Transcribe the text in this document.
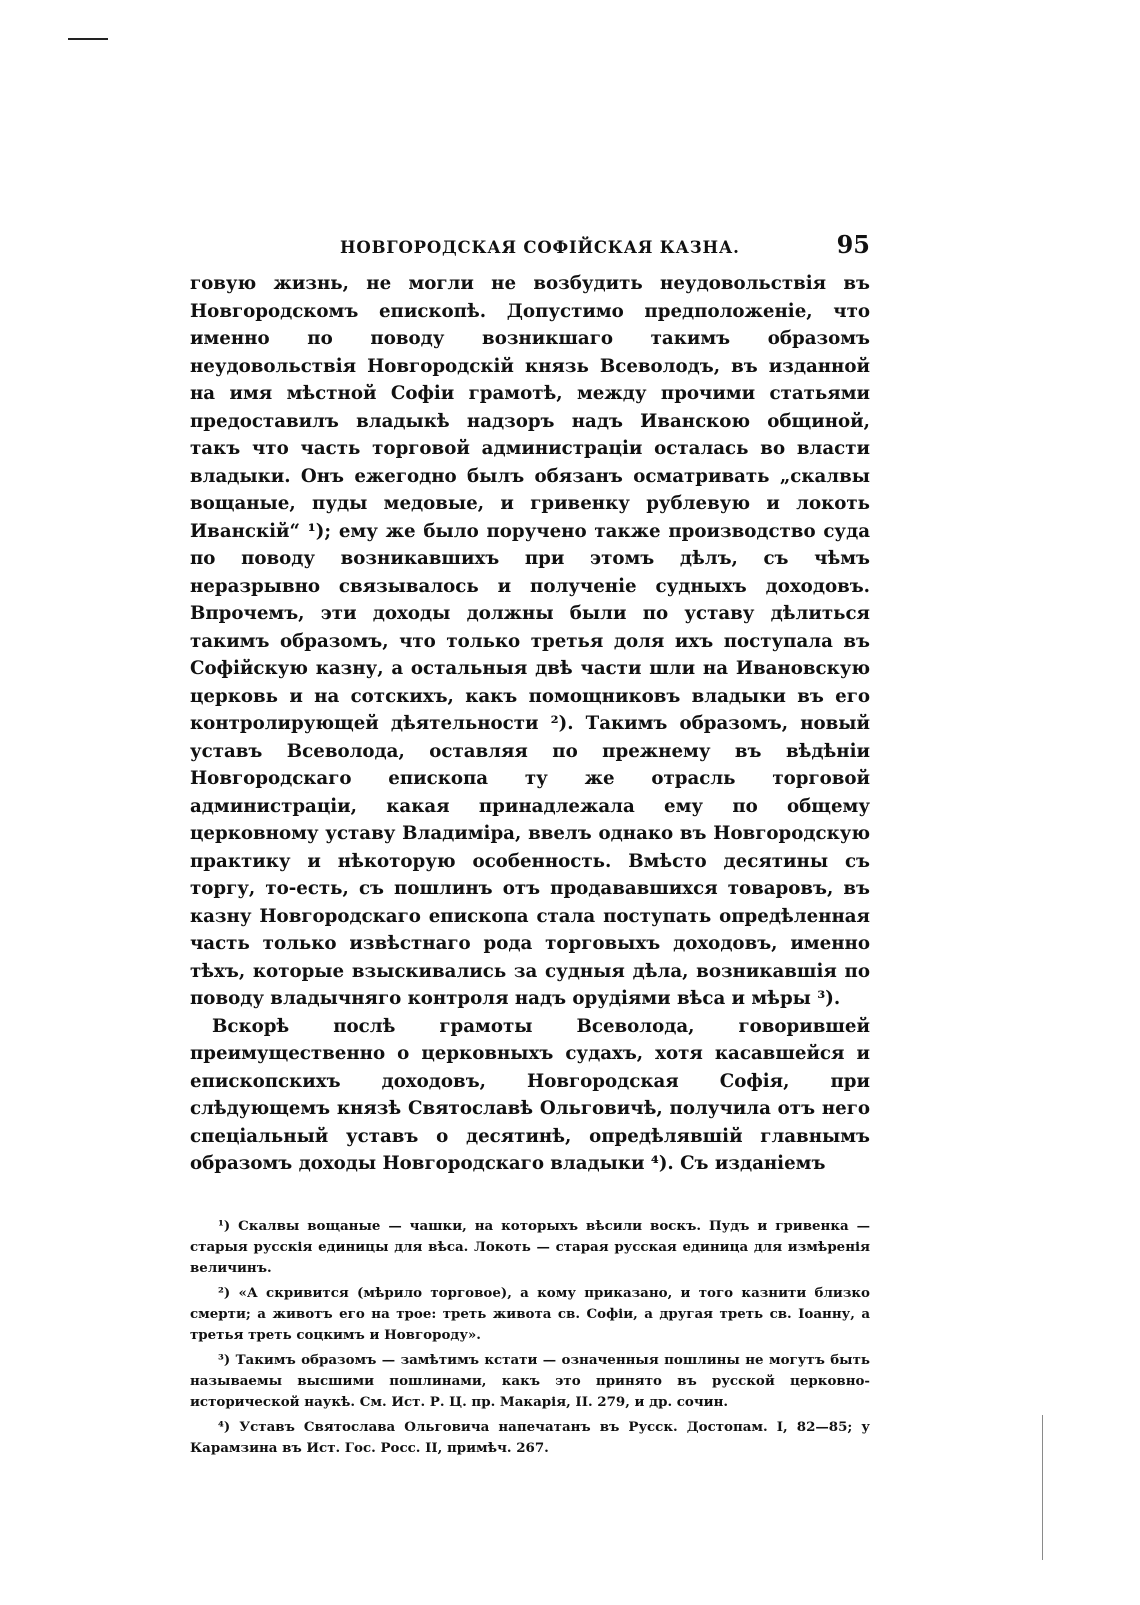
НОВГОРОДСКАЯ СОФІЙСКАЯ КАЗНА.	95

говую жизнь, не могли не возбудить неудовольствія въ Новгородскомъ епископѣ. Допустимо предположеніе, что именно по поводу возникшаго такимъ образомъ неудовольствія Новгородскій князь Всеволодъ, въ изданной на имя мѣстной Софіи грамотѣ, между прочими статьями предоставилъ владыкѣ надзоръ надъ Иванскою общиной, такъ что часть торговой администраціи осталась во власти владыки. Онъ ежегодно былъ обязанъ осматривать „скалвы вощаные, пуды медовые, и гривенку рублевую и локоть Иванскій“ ¹); ему же было поручено также производство суда по поводу возникавшихъ при этомъ дѣлъ, съ чѣмъ неразрывно связывалось и полученіе судныхъ доходовъ. Впрочемъ, эти доходы должны были по уставу дѣлиться такимъ образомъ, что только третья доля ихъ поступала въ Софійскую казну, а остальныя двѣ части шли на Ивановскую церковь и на сотскихъ, какъ помощниковъ владыки въ его контролирующей дѣятельности ²). Такимъ образомъ, новый уставъ Всеволода, оставляя по прежнему въ вѣдѣніи Новгородскаго епископа ту же отрасль торговой администраціи, какая принадлежала ему по общему церковному уставу Владиміра, ввелъ однако въ Новгородскую практику и нѣкоторую особенность. Вмѣсто десятины съ торгу, то-есть, съ пошлинъ отъ продававшихся товаровъ, въ казну Новгородскаго епископа стала поступать опредѣленная часть только извѣстнаго рода торговыхъ доходовъ, именно тѣхъ, которые взыскивались за судныя дѣла, возникавшія по поводу владычняго контроля надъ орудіями вѣса и мѣры ³).

Вскорѣ послѣ грамоты Всеволода, говорившей преимущественно о церковныхъ судахъ, хотя касавшейся и епископскихъ доходовъ, Новгородская Софія, при слѣдующемъ князѣ Святославѣ Ольговичѣ, получила отъ него спеціальный уставъ о десятинѣ, опредѣлявшій главнымъ образомъ доходы Новгородскаго владыки ⁴). Съ изданіемъ

¹) Скалвы вощаные — чашки, на которыхъ вѣсили воскъ. Пудъ и гривенка — старыя русскія единицы для вѣса. Локоть — старая русская единица для измѣренія величинъ.

²) «А скривится (мѣрило торговое), а кому приказано, и того казнити близко смерти; а животъ его на трое: треть живота св. Софіи, а другая треть св. Іоанну, а третья треть соцкимъ и Новгороду».

³) Такимъ образомъ — замѣтимъ кстати — означенныя пошлины не могутъ быть называемы высшими пошлинами, какъ это принято въ русской церковно-исторической наукѣ. См. Ист. Р. Ц. пр. Макарія, II. 279, и др. сочин.

⁴) Уставъ Святослава Ольговича напечатанъ въ Русск. Достопам. I, 82—85; у Карамзина въ Ист. Гос. Росс. II, примѣч. 267.
